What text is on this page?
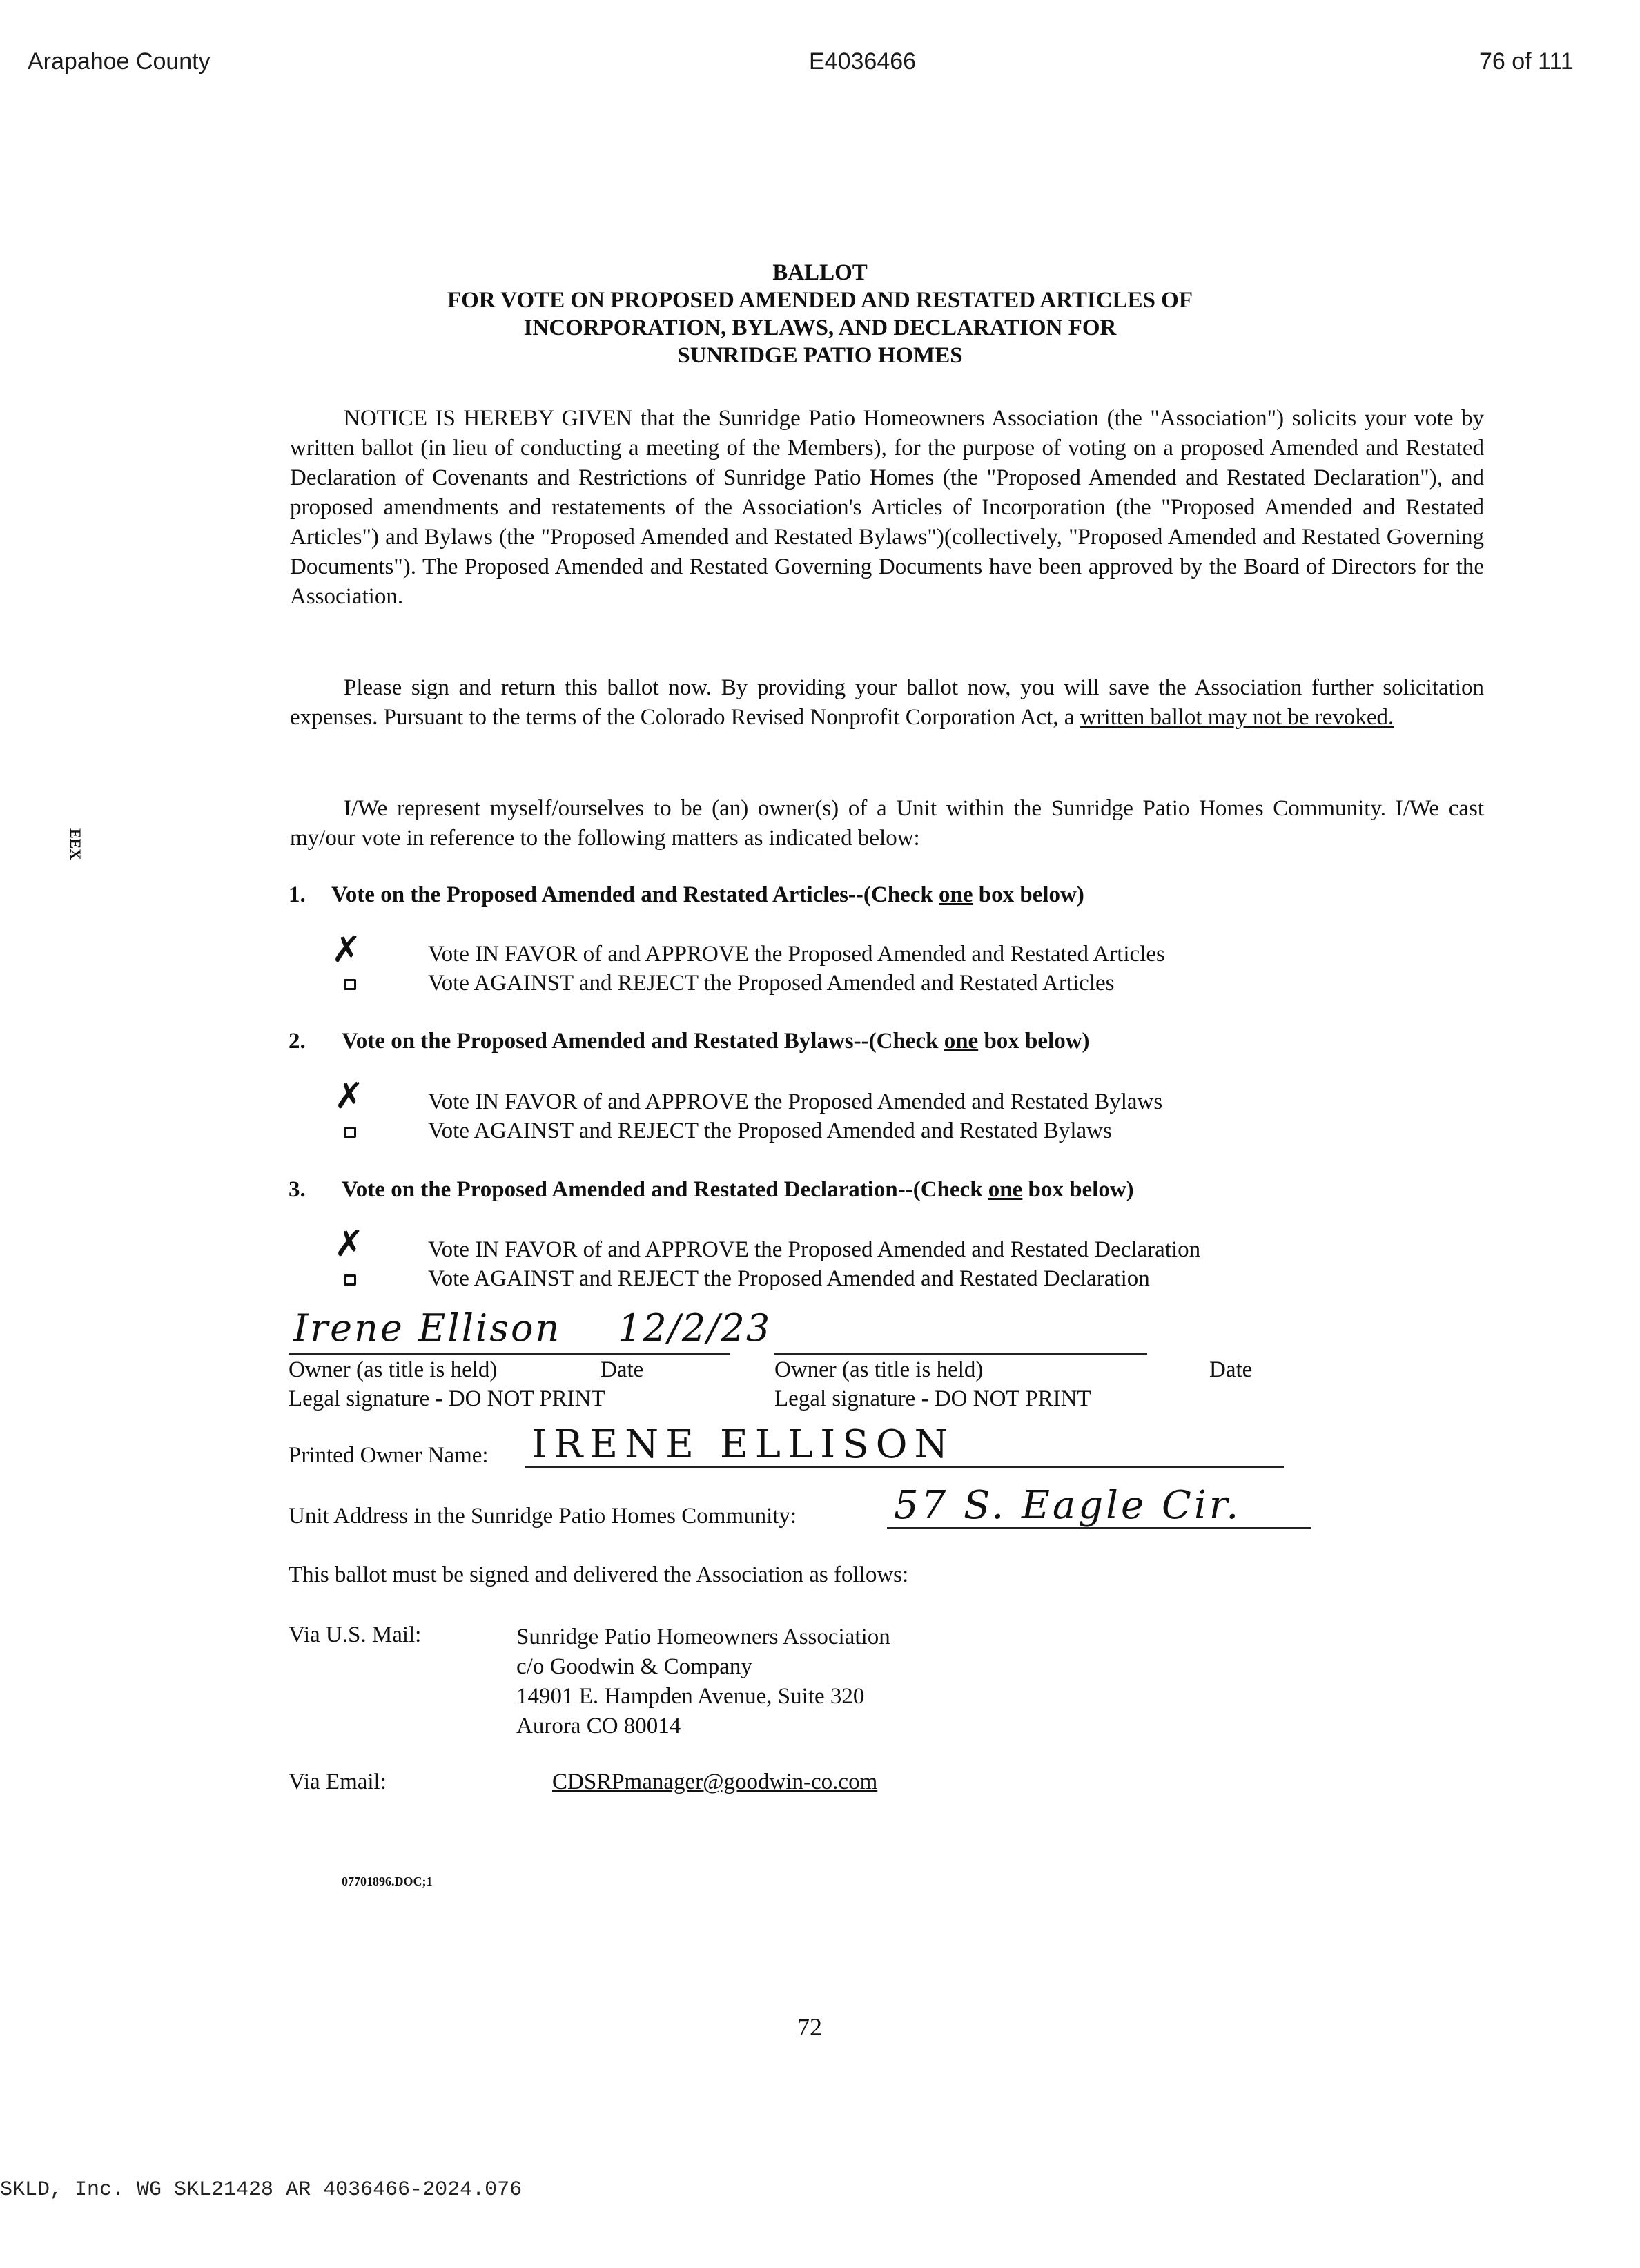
Arapahoe County	E4036466	76 of 111
EEX
BALLOT
FOR VOTE ON PROPOSED AMENDED AND RESTATED ARTICLES OF
INCORPORATION, BYLAWS, AND DECLARATION FOR
SUNRIDGE PATIO HOMES
NOTICE IS HEREBY GIVEN that the Sunridge Patio Homeowners Association (the "Association") solicits your vote by written ballot (in lieu of conducting a meeting of the Members), for the purpose of voting on a proposed Amended and Restated Declaration of Covenants and Restrictions of Sunridge Patio Homes (the "Proposed Amended and Restated Declaration"), and proposed amendments and restatements of the Association's Articles of Incorporation (the "Proposed Amended and Restated Articles") and Bylaws (the "Proposed Amended and Restated Bylaws")(collectively, "Proposed Amended and Restated Governing Documents"). The Proposed Amended and Restated Governing Documents have been approved by the Board of Directors for the Association.
Please sign and return this ballot now. By providing your ballot now, you will save the Association further solicitation expenses. Pursuant to the terms of the Colorado Revised Nonprofit Corporation Act, a written ballot may not be revoked.
I/We represent myself/ourselves to be (an) owner(s) of a Unit within the Sunridge Patio Homes Community. I/We cast my/our vote in reference to the following matters as indicated below:
1. Vote on the Proposed Amended and Restated Articles--(Check one box below)
✗	Vote IN FAVOR of and APPROVE the Proposed Amended and Restated Articles
Vote AGAINST and REJECT the Proposed Amended and Restated Articles
2. Vote on the Proposed Amended and Restated Bylaws--(Check one box below)
✗	Vote IN FAVOR of and APPROVE the Proposed Amended and Restated Bylaws
Vote AGAINST and REJECT the Proposed Amended and Restated Bylaws
3. Vote on the Proposed Amended and Restated Declaration--(Check one box below)
✗	Vote IN FAVOR of and APPROVE the Proposed Amended and Restated Declaration
Vote AGAINST and REJECT the Proposed Amended and Restated Declaration
Irene Ellison 12/2/23
Owner (as title is held)	Date	Owner (as title is held)	Date
Legal signature - DO NOT PRINT	Legal signature - DO NOT PRINT
Printed Owner Name: IRENE ELLISON
Unit Address in the Sunridge Patio Homes Community:	57 S. Eagle Cir.
This ballot must be signed and delivered the Association as follows:
Via U.S. Mail:	Sunridge Patio Homeowners Association
c/o Goodwin & Company
14901 E. Hampden Avenue, Suite 320
Aurora CO 80014
Via Email:	CDSRPmanager@goodwin-co.com
07701896.DOC;1
72
SKLD, Inc. WG SKL21428 AR 4036466-2024.076
